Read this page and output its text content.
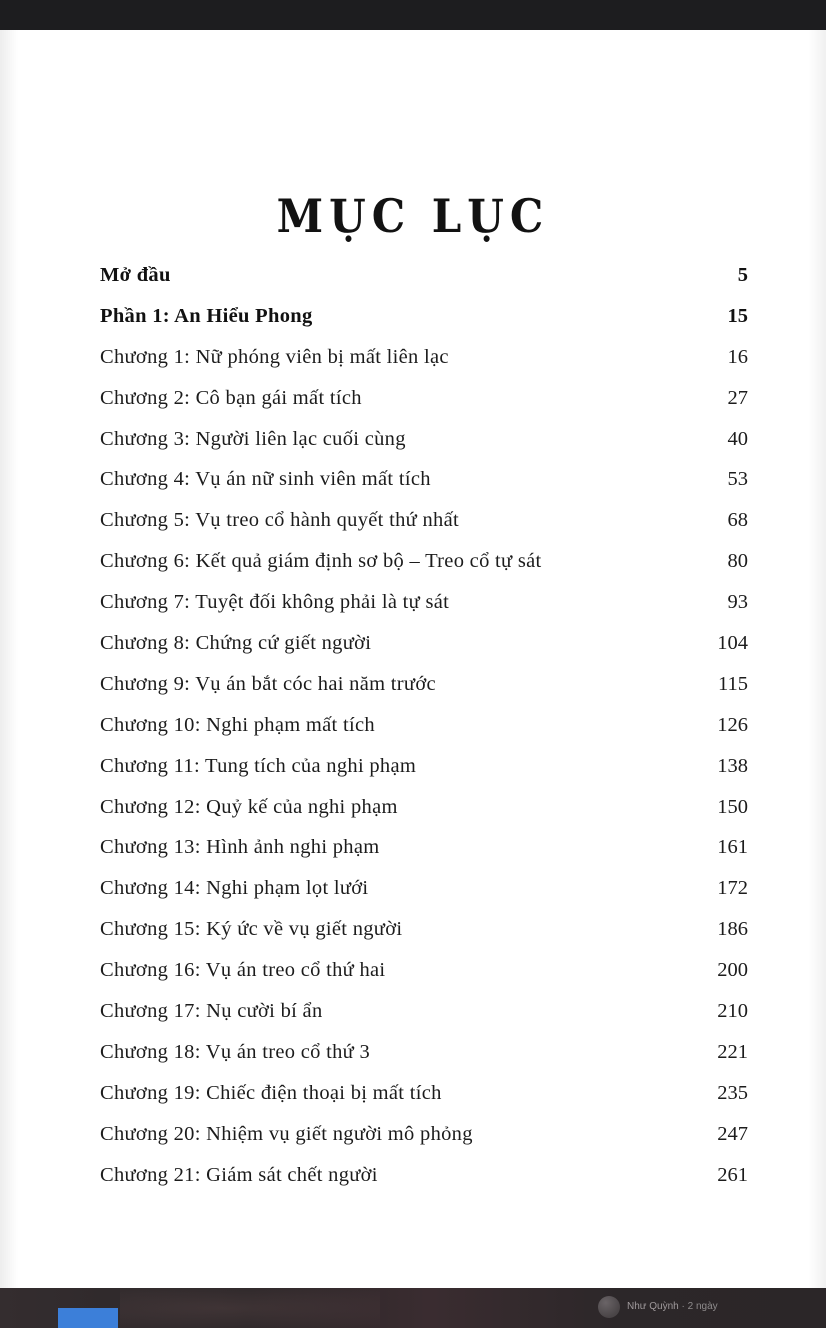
MỤC LỤC
Mở đầu	5
Phần 1: An Hiểu Phong	15
Chương 1: Nữ phóng viên bị mất liên lạc	16
Chương 2: Cô bạn gái mất tích	27
Chương 3: Người liên lạc cuối cùng	40
Chương 4: Vụ án nữ sinh viên mất tích	53
Chương 5: Vụ treo cổ hành quyết thứ nhất	68
Chương 6: Kết quả giám định sơ bộ – Treo cổ tự sát	80
Chương 7: Tuyệt đối không phải là tự sát	93
Chương 8: Chứng cứ giết người	104
Chương 9: Vụ án bắt cóc hai năm trước	115
Chương 10: Nghi phạm mất tích	126
Chương 11: Tung tích của nghi phạm	138
Chương 12: Quỷ kế của nghi phạm	150
Chương 13: Hình ảnh nghi phạm	161
Chương 14: Nghi phạm lọt lưới	172
Chương 15: Ký ức về vụ giết người	186
Chương 16: Vụ án treo cổ thứ hai	200
Chương 17: Nụ cười bí ẩn	210
Chương 18: Vụ án treo cổ thứ 3	221
Chương 19: Chiếc điện thoại bị mất tích	235
Chương 20: Nhiệm vụ giết người mô phỏng	247
Chương 21: Giám sát chết người	261
Như Quỳnh · 2 ngày
